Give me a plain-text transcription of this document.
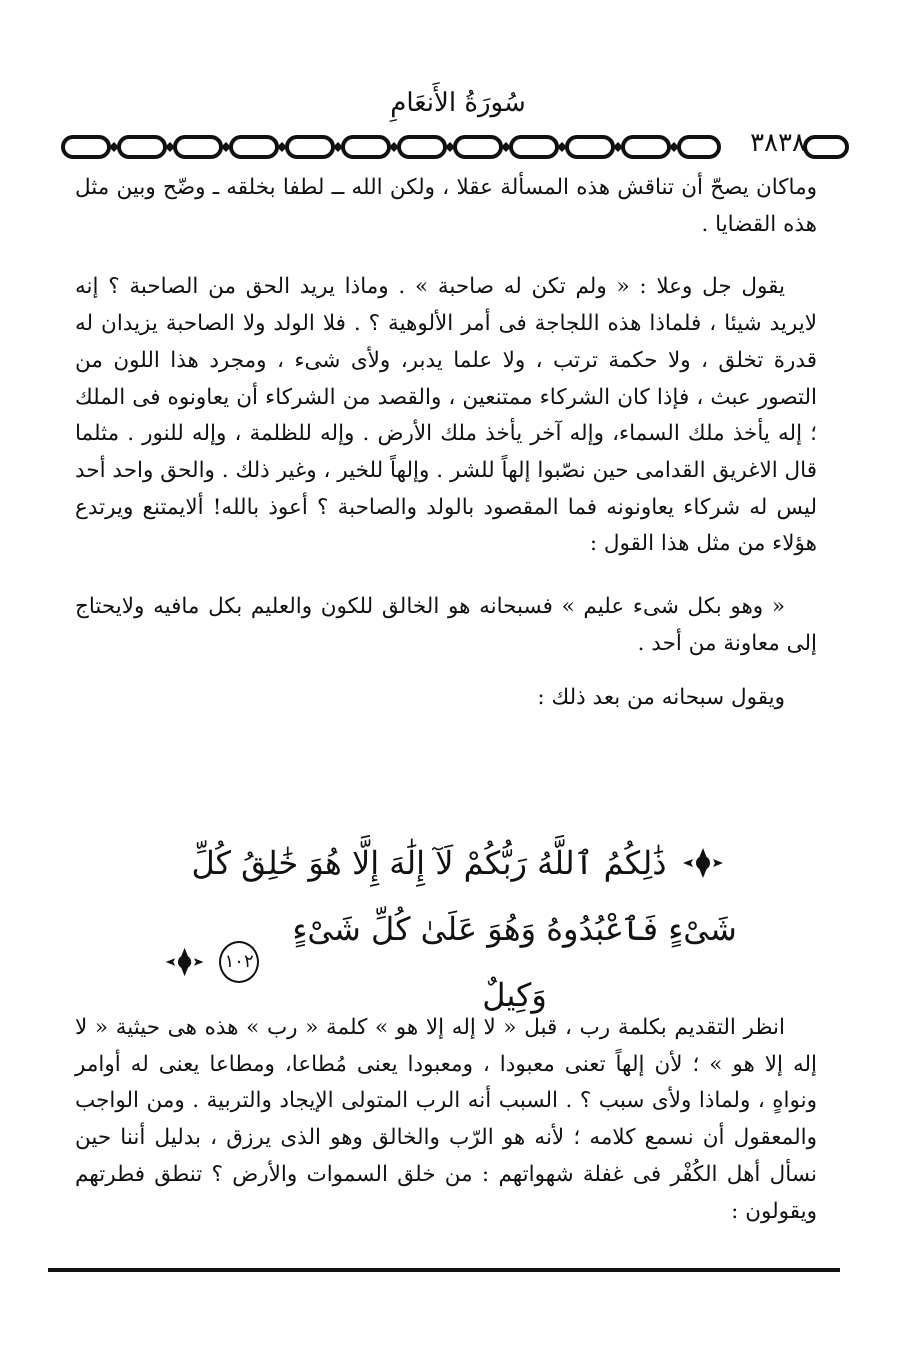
سُورَةُ الأَنعَامِ
٣٨٣٨

وماكان يصحّ أن تناقش هذه المسألة عقلا ، ولكن الله ــ لطفا بخلقه ـ وضّح وبين مثل هذه القضايا .

يقول جل وعلا : « ولم تكن له صاحبة » . وماذا يريد الحق من الصاحبة ؟ إنه لايريد شيئا ، فلماذا هذه اللجاجة فى أمر الألوهية ؟ . فلا الولد ولا الصاحبة يزيدان له قدرة تخلق ، ولا حكمة ترتب ، ولا علما يدبر، ولأى شىء ، ومجرد هذا اللون من التصور عبث ، فإذا كان الشركاء ممتنعين ، والقصد من الشركاء أن يعاونوه فى الملك ؛ إله يأخذ ملك السماء، وإله آخر يأخذ ملك الأرض . وإله للظلمة ، وإله للنور . مثلما قال الاغريق القدامى حين نصّبوا إلهاً للشر . وإلهاً للخير ، وغير ذلك . والحق واحد أحد ليس له شركاء يعاونونه فما المقصود بالولد والصاحبة ؟ أعوذ بالله! ألايمتنع ويرتدع هؤلاء من مثل هذا القول :

« وهو بكل شىء عليم » فسبحانه هو الخالق للكون والعليم بكل مافيه ولايحتاج إلى معاونة من أحد .

ويقول سبحانه من بعد ذلك :

ذَٰلِكُمُ ٱللَّهُ رَبُّكُمْ لَآ إِلَٰهَ إِلَّا هُوَ خَٰلِقُ كُلِّ
شَىْءٍ فَٱعْبُدُوهُ وَهُوَ عَلَىٰ كُلِّ شَىْءٍ وَكِيلٌ
١٠٢

انظر التقديم بكلمة رب ، قبل « لا إله إلا هو » كلمة « رب » هذه هى حيثية « لا إله إلا هو » ؛ لأن إلهاً تعنى معبودا ، ومعبودا يعنى مُطاعا، ومطاعا يعنى له أوامر ونواهٍ ، ولماذا ولأى سبب ؟ . السبب أنه الرب المتولى الإيجاد والتربية . ومن الواجب والمعقول أن نسمع كلامه ؛ لأنه هو الرّب والخالق وهو الذى يرزق ، بدليل أننا حين نسأل أهل الكُفْر فى غفلة شهواتهم : من خلق السموات والأرض ؟ تنطق فطرتهم ويقولون :
